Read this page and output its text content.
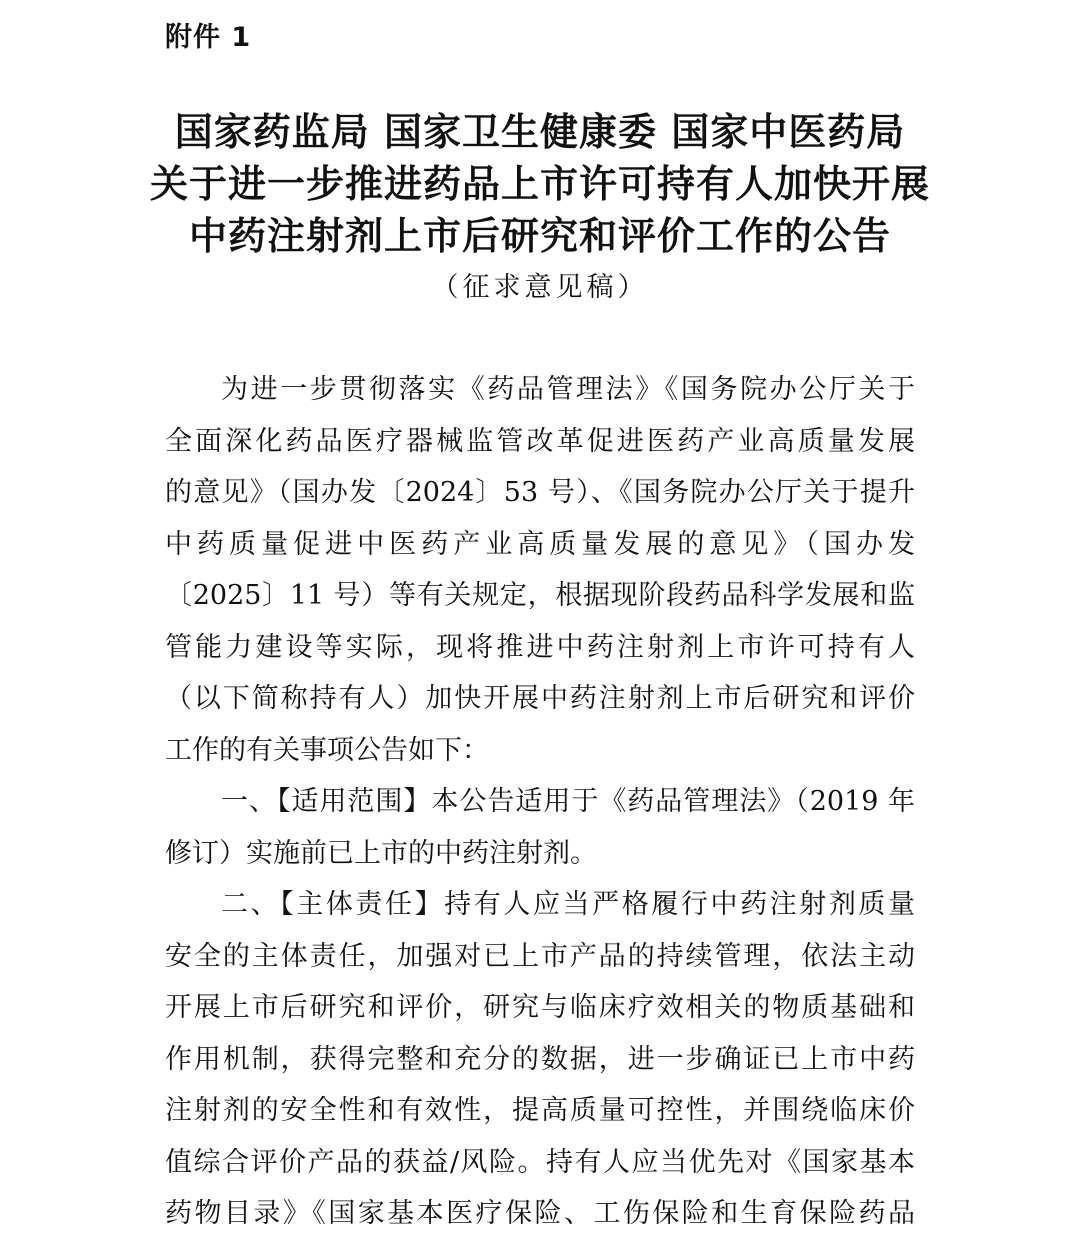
附件 1
国家药监局 国家卫生健康委 国家中医药局
关于进一步推进药品上市许可持有人加快开展
中药注射剂上市后研究和评价工作的公告
（征求意见稿）
为进一步贯彻落实《药品管理法》《国务院办公厅关于
全面深化药品医疗器械监管改革促进医药产业高质量发展
的意见》（国办发〔2024〕53 号）、《国务院办公厅关于提升
中药质量促进中医药产业高质量发展的意见》（国办发
〔2025〕11 号）等有关规定，根据现阶段药品科学发展和监
管能力建设等实际，现将推进中药注射剂上市许可持有人
（以下简称持有人）加快开展中药注射剂上市后研究和评价
工作的有关事项公告如下：
一、【适用范围】本公告适用于《药品管理法》（2019 年
修订）实施前已上市的中药注射剂。
二、【主体责任】持有人应当严格履行中药注射剂质量
安全的主体责任，加强对已上市产品的持续管理，依法主动
开展上市后研究和评价，研究与临床疗效相关的物质基础和
作用机制，获得完整和充分的数据，进一步确证已上市中药
注射剂的安全性和有效性，提高质量可控性，并围绕临床价
值综合评价产品的获益/风险。持有人应当优先对《国家基本
药物目录》《国家基本医疗保险、工伤保险和生育保险药品
